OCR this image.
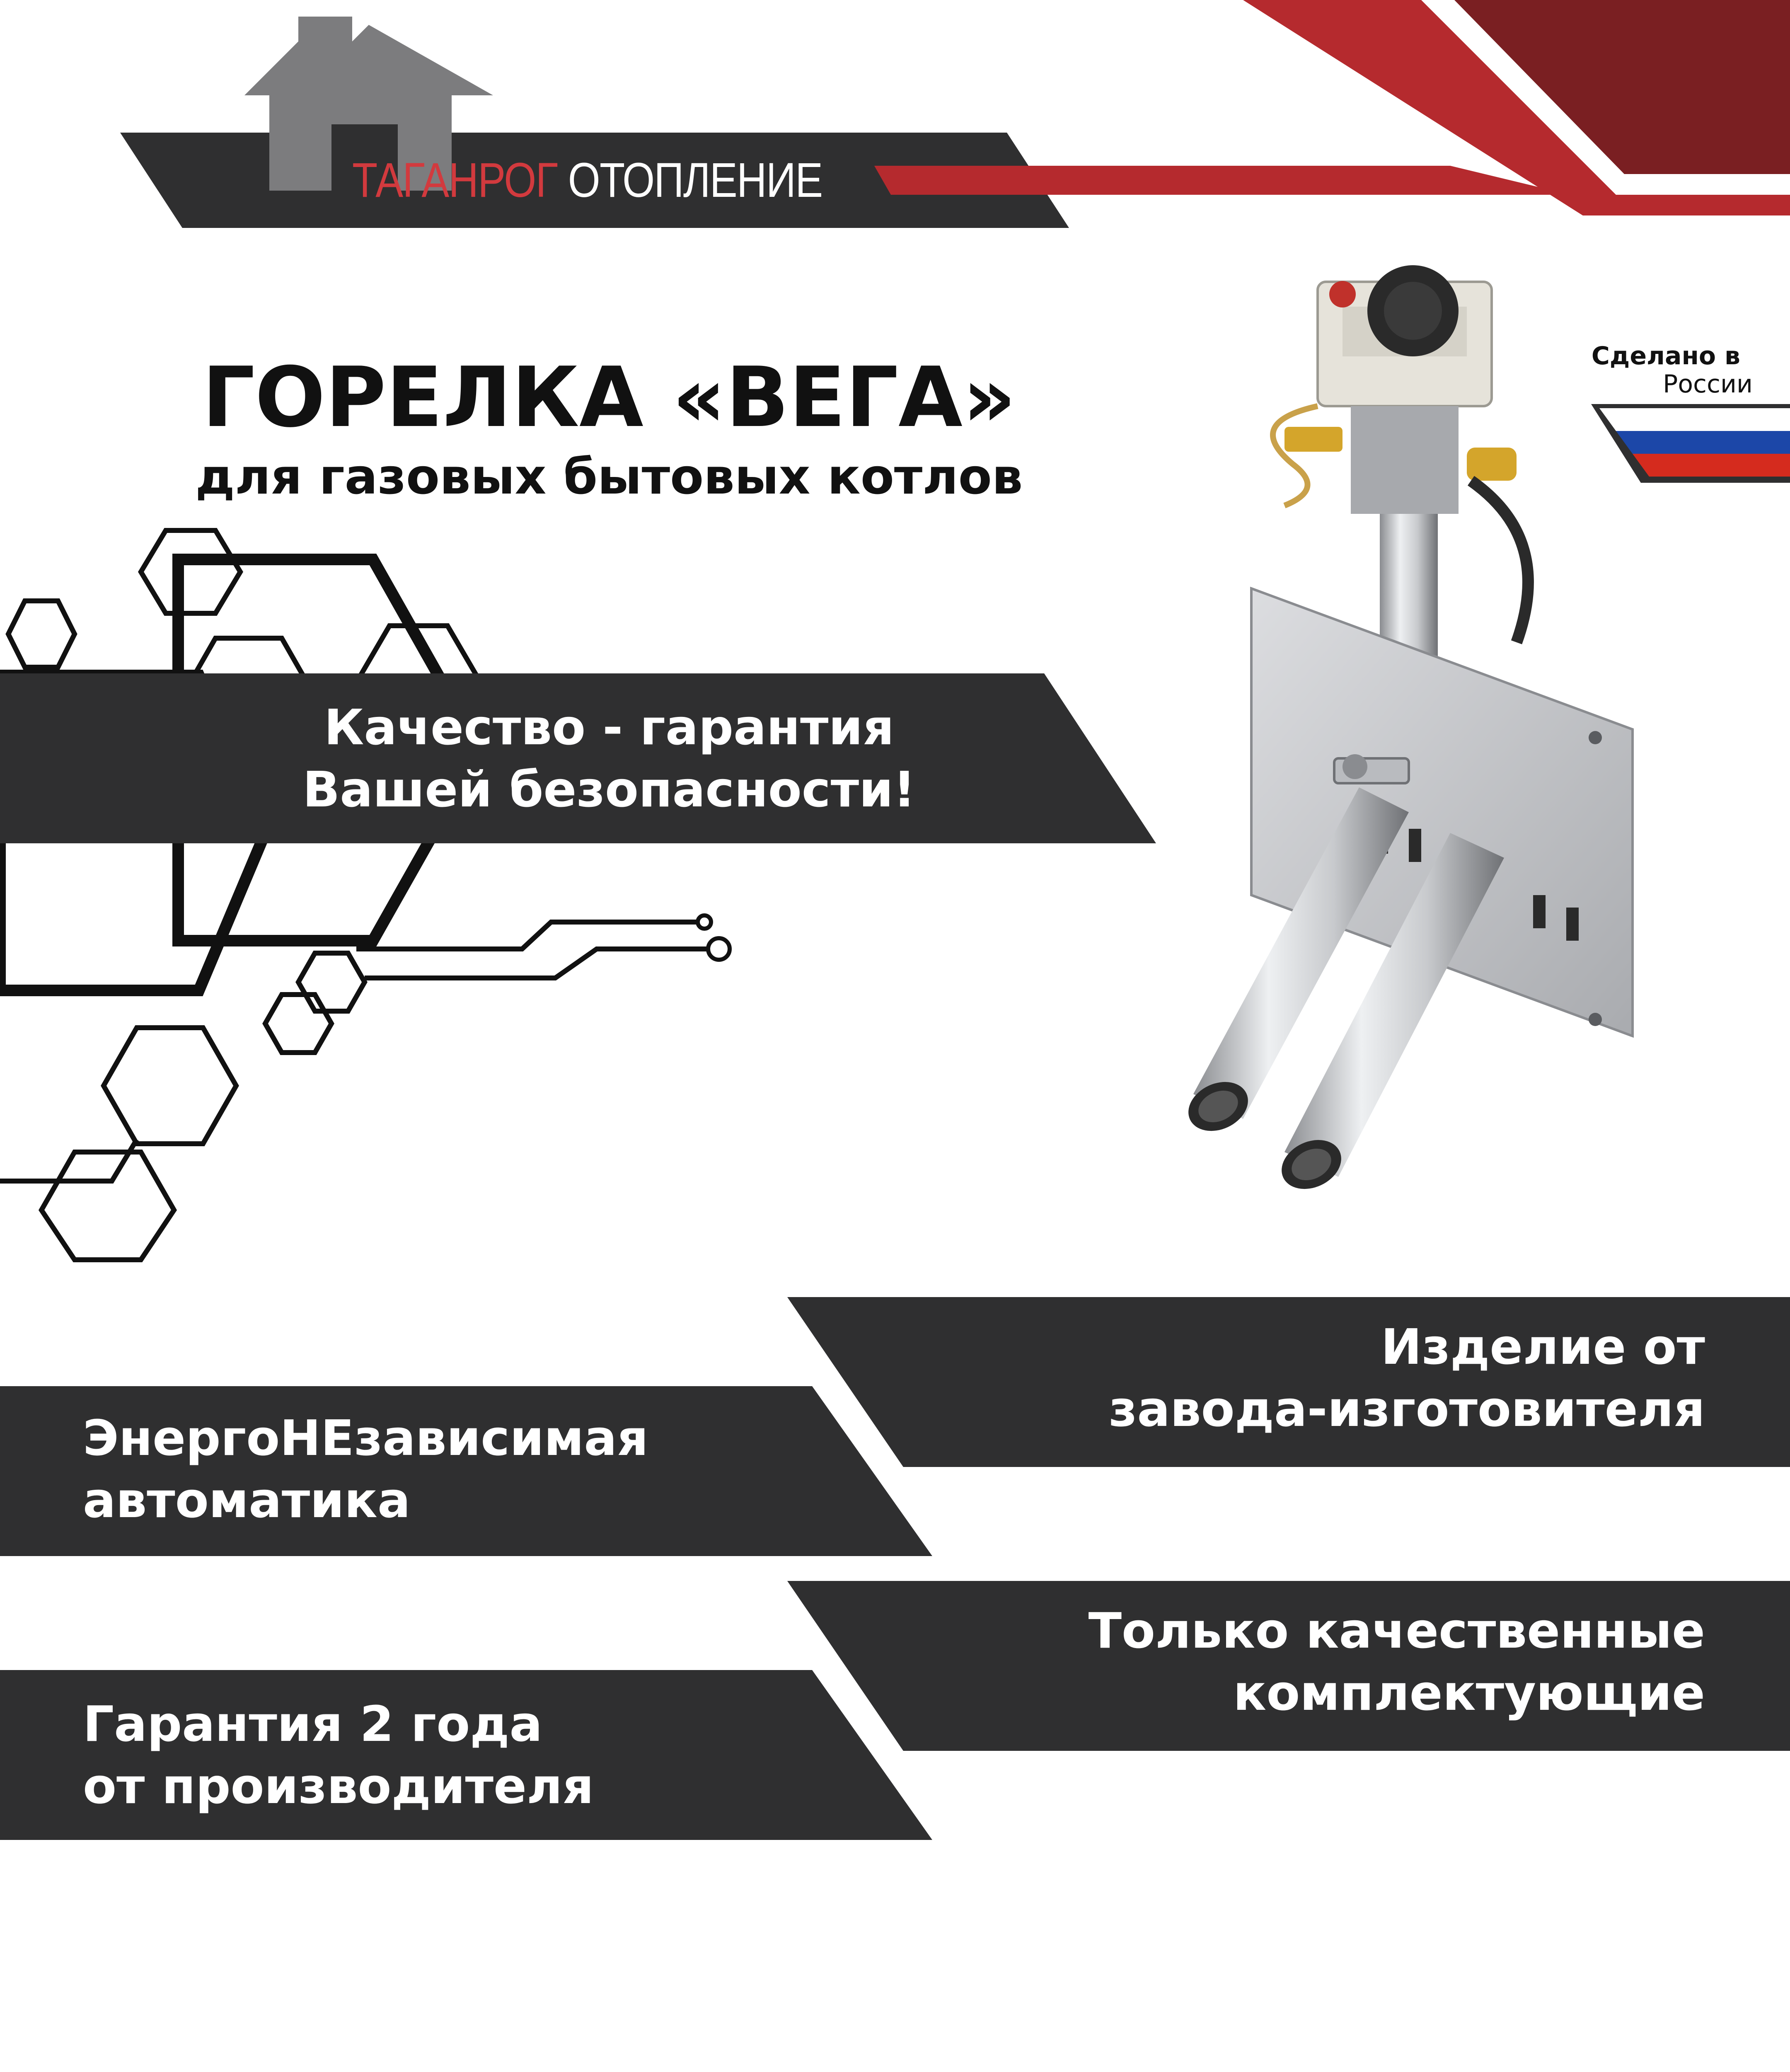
ТАГАНРОГ ОТОПЛЕНИЕ
ГОРЕЛКА «ВЕГА»
для газовых бытовых котлов
Сделано в
России
Качество - гарантия
Вашей безопасности!
Изделие от
завода-изготовителя
ЭнергоНЕзависимая
автоматика
Только качественные
комплектующие
Гарантия 2 года
от производителя
